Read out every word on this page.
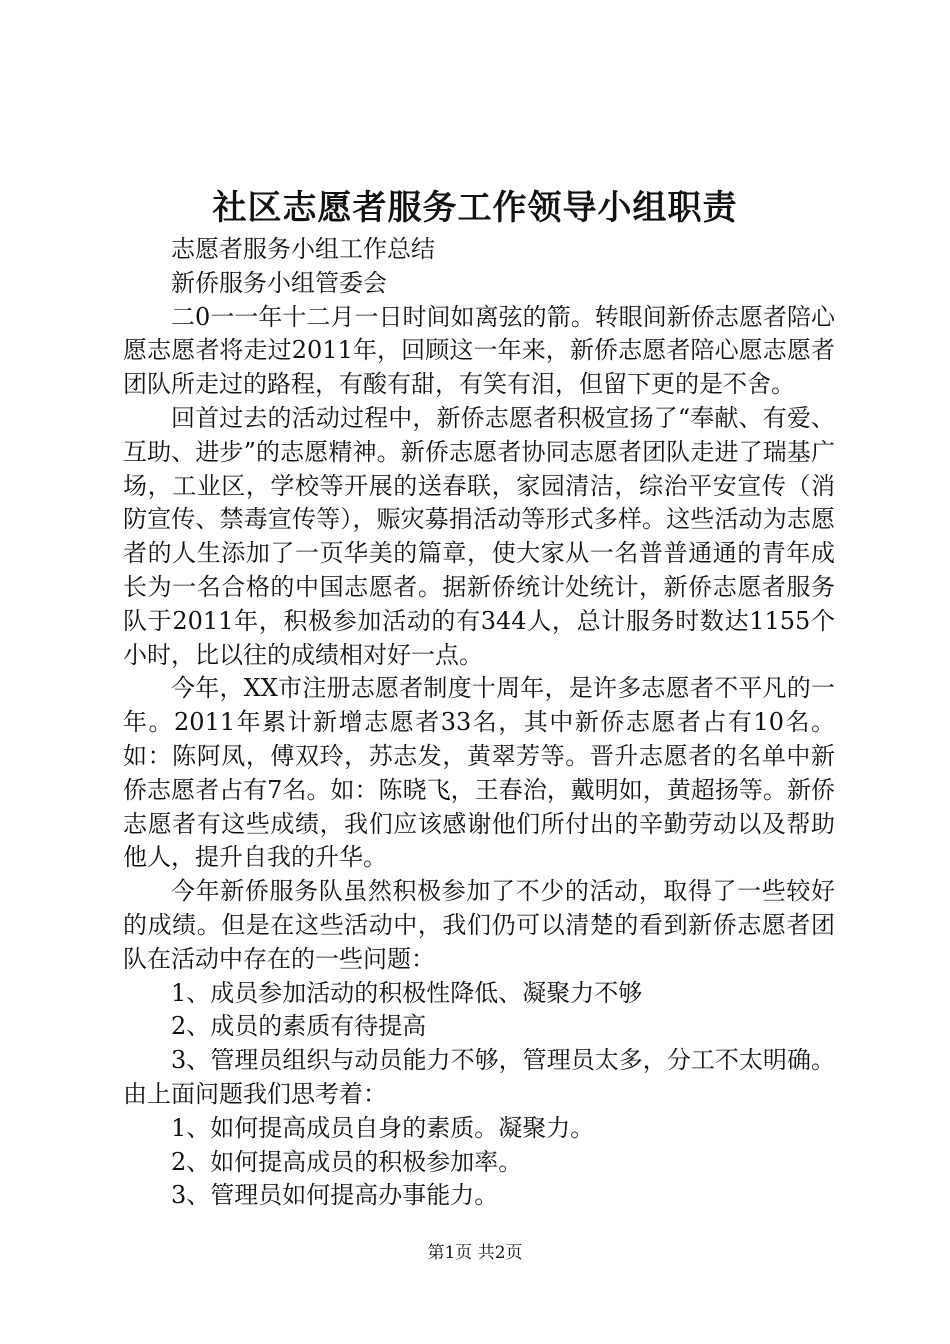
社区志愿者服务工作领导小组职责

志愿者服务小组工作总结

新侨服务小组管委会

二0一一年十二月一日时间如离弦的箭。转眼间新侨志愿者陪心愿志愿者将走过2011年，回顾这一年来，新侨志愿者陪心愿志愿者团队所走过的路程，有酸有甜，有笑有泪，但留下更的是不舍。

回首过去的活动过程中，新侨志愿者积极宣扬了“奉献、有爱、互助、进步”的志愿精神。新侨志愿者协同志愿者团队走进了瑞基广场，工业区，学校等开展的送春联，家园清洁，综治平安宣传（消防宣传、禁毒宣传等），赈灾募捐活动等形式多样。这些活动为志愿者的人生添加了一页华美的篇章，使大家从一名普普通通的青年成长为一名合格的中国志愿者。据新侨统计处统计，新侨志愿者服务队于2011年，积极参加活动的有344人，总计服务时数达1155个小时，比以往的成绩相对好一点。

今年，XX市注册志愿者制度十周年，是许多志愿者不平凡的一年。2011年累计新增志愿者33名，其中新侨志愿者占有10名。如：陈阿凤，傅双玲，苏志发，黄翠芳等。晋升志愿者的名单中新侨志愿者占有7名。如：陈晓飞，王春治，戴明如，黄超扬等。新侨志愿者有这些成绩，我们应该感谢他们所付出的辛勤劳动以及帮助他人，提升自我的升华。

今年新侨服务队虽然积极参加了不少的活动，取得了一些较好的成绩。但是在这些活动中，我们仍可以清楚的看到新侨志愿者团队在活动中存在的一些问题：

1、成员参加活动的积极性降低、凝聚力不够

2、成员的素质有待提高

3、管理员组织与动员能力不够，管理员太多，分工不太明确。由上面问题我们思考着：

1、如何提高成员自身的素质。凝聚力。

2、如何提高成员的积极参加率。

3、管理员如何提高办事能力。

第1页 共2页
